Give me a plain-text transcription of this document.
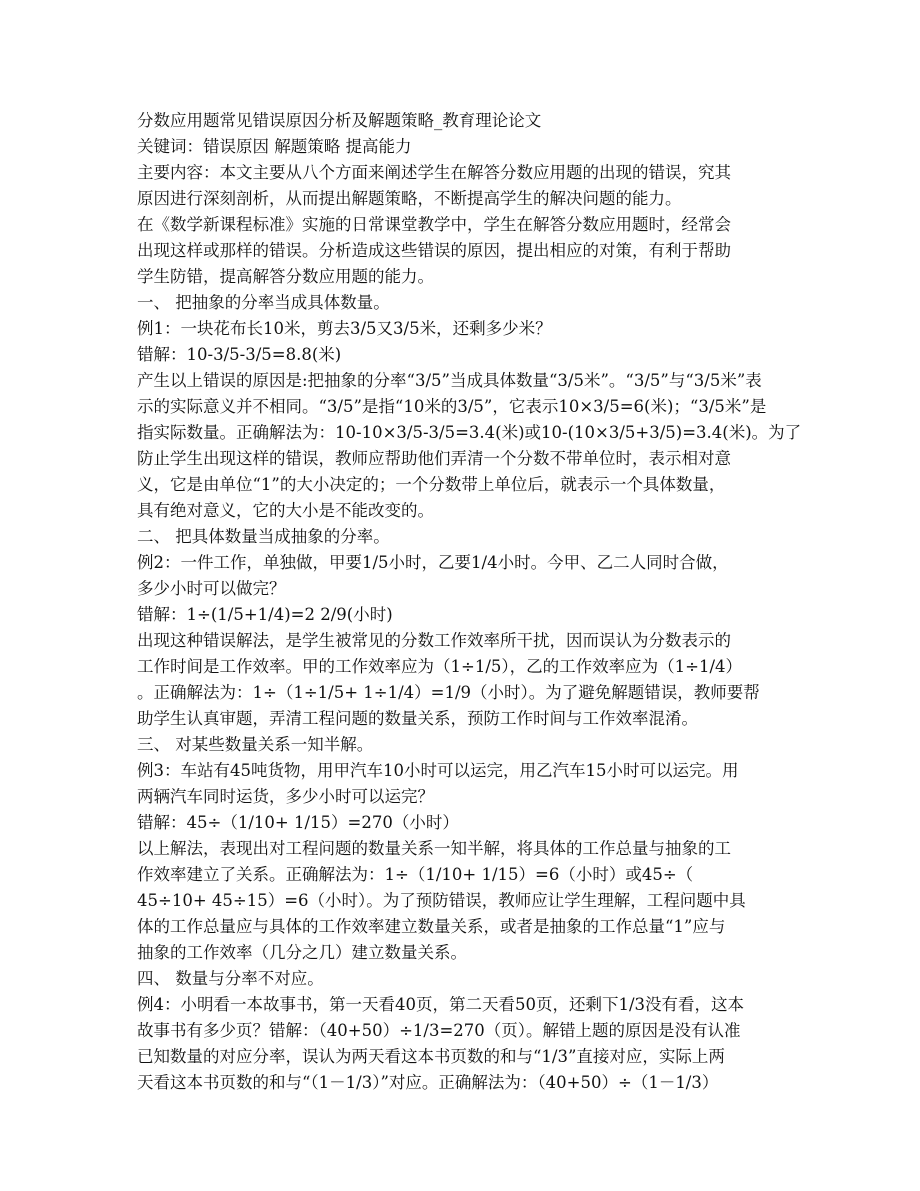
分数应用题常见错误原因分析及解题策略_教育理论论文
关键词：错误原因 解题策略 提高能力
主要内容：本文主要从八个方面来阐述学生在解答分数应用题的出现的错误，究其
原因进行深刻剖析，从而提出解题策略，不断提高学生的解决问题的能力。
在《数学新课程标准》实施的日常课堂教学中，学生在解答分数应用题时，经常会
出现这样或那样的错误。分析造成这些错误的原因，提出相应的对策，有利于帮助
学生防错，提高解答分数应用题的能力。
一、 把抽象的分率当成具体数量。
例1：一块花布长10米，剪去3/5又3/5米，还剩多少米？
错解：10-3/5-3/5=8.8(米)
产生以上错误的原因是:把抽象的分率“3/5”当成具体数量“3/5米”。“3/5”与“3/5米”表
示的实际意义并不相同。“3/5”是指“10米的3/5”，它表示10×3/5=6(米)；“3/5米”是
指实际数量。正确解法为：10-10×3/5-3/5=3.4(米)或10-(10×3/5+3/5)=3.4(米)。为了
防止学生出现这样的错误，教师应帮助他们弄清一个分数不带单位时，表示相对意
义，它是由单位“1”的大小决定的；一个分数带上单位后，就表示一个具体数量，
具有绝对意义，它的大小是不能改变的。
二、 把具体数量当成抽象的分率。
例2：一件工作，单独做，甲要1/5小时，乙要1/4小时。今甲、乙二人同时合做，
多少小时可以做完？
错解：1÷(1/5+1/4)=2 2/9(小时)
出现这种错误解法，是学生被常见的分数工作效率所干扰，因而误认为分数表示的
工作时间是工作效率。甲的工作效率应为（1÷1/5），乙的工作效率应为（1÷1/4）
。正确解法为：1÷（1÷1/5+ 1÷1/4）=1/9（小时）。为了避免解题错误，教师要帮
助学生认真审题，弄清工程问题的数量关系，预防工作时间与工作效率混淆。
三、 对某些数量关系一知半解。
例3：车站有45吨货物，用甲汽车10小时可以运完，用乙汽车15小时可以运完。用
两辆汽车同时运货，多少小时可以运完？
错解：45÷（1/10+ 1/15）=270（小时）
以上解法，表现出对工程问题的数量关系一知半解，将具体的工作总量与抽象的工
作效率建立了关系。正确解法为：1÷（1/10+ 1/15）=6（小时）或45÷（
45÷10+ 45÷15）=6（小时）。为了预防错误，教师应让学生理解，工程问题中具
体的工作总量应与具体的工作效率建立数量关系，或者是抽象的工作总量“1”应与
抽象的工作效率（几分之几）建立数量关系。
四、 数量与分率不对应。
例4：小明看一本故事书，第一天看40页，第二天看50页，还剩下1/3没有看，这本
故事书有多少页？错解：（40+50）÷1/3=270（页）。解错上题的原因是没有认准
已知数量的对应分率，误认为两天看这本书页数的和与“1/3”直接对应，实际上两
天看这本书页数的和与“（1－1/3）”对应。正确解法为：（40+50）÷（1－1/3）
